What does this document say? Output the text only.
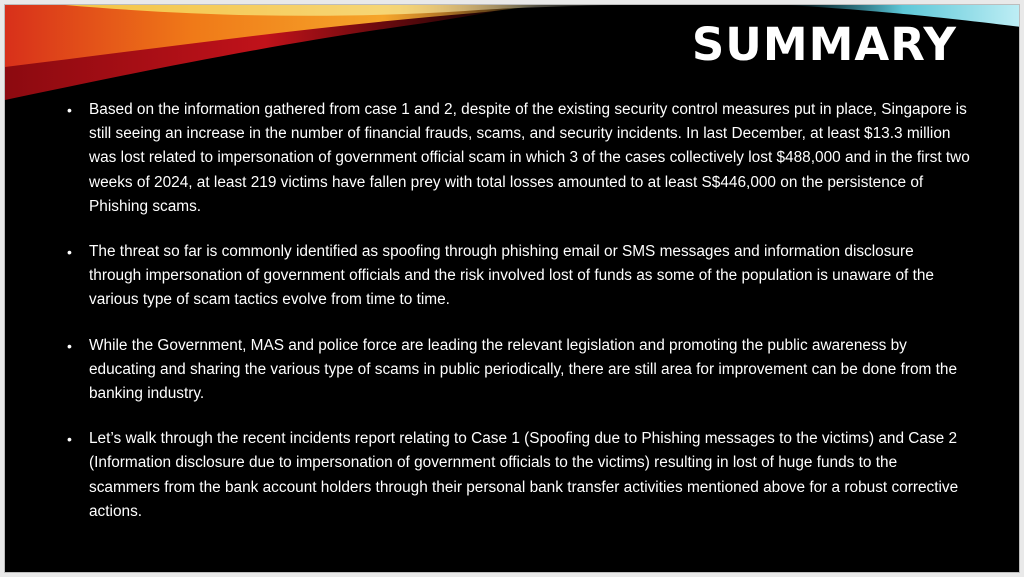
SUMMARY
• Based on the information gathered from case 1 and 2, despite of the existing security control measures put in place, Singapore is still seeing an increase in the number of financial frauds, scams, and security incidents. In last December, at least $13.3 million was lost related to impersonation of government official scam in which 3 of the cases collectively lost $488,000 and in the first two weeks of 2024, at least 219 victims have fallen prey with total losses amounted to at least S$446,000 on the persistence of Phishing scams.
• The threat so far is commonly identified as spoofing through phishing email or SMS messages and information disclosure through impersonation of government officials and the risk involved lost of funds as some of the population is unaware of the various type of scam tactics evolve from time to time.
• While the Government, MAS and police force are leading the relevant legislation and promoting the public awareness by educating and sharing the various type of scams in public periodically, there are still area for improvement can be done from the banking industry.
• Let’s walk through the recent incidents report relating to Case 1 (Spoofing due to Phishing messages to the victims) and Case 2 (Information disclosure due to impersonation of government officials to the victims) resulting in lost of huge funds to the scammers from the bank account holders through their personal bank transfer activities mentioned above for a robust corrective actions.
